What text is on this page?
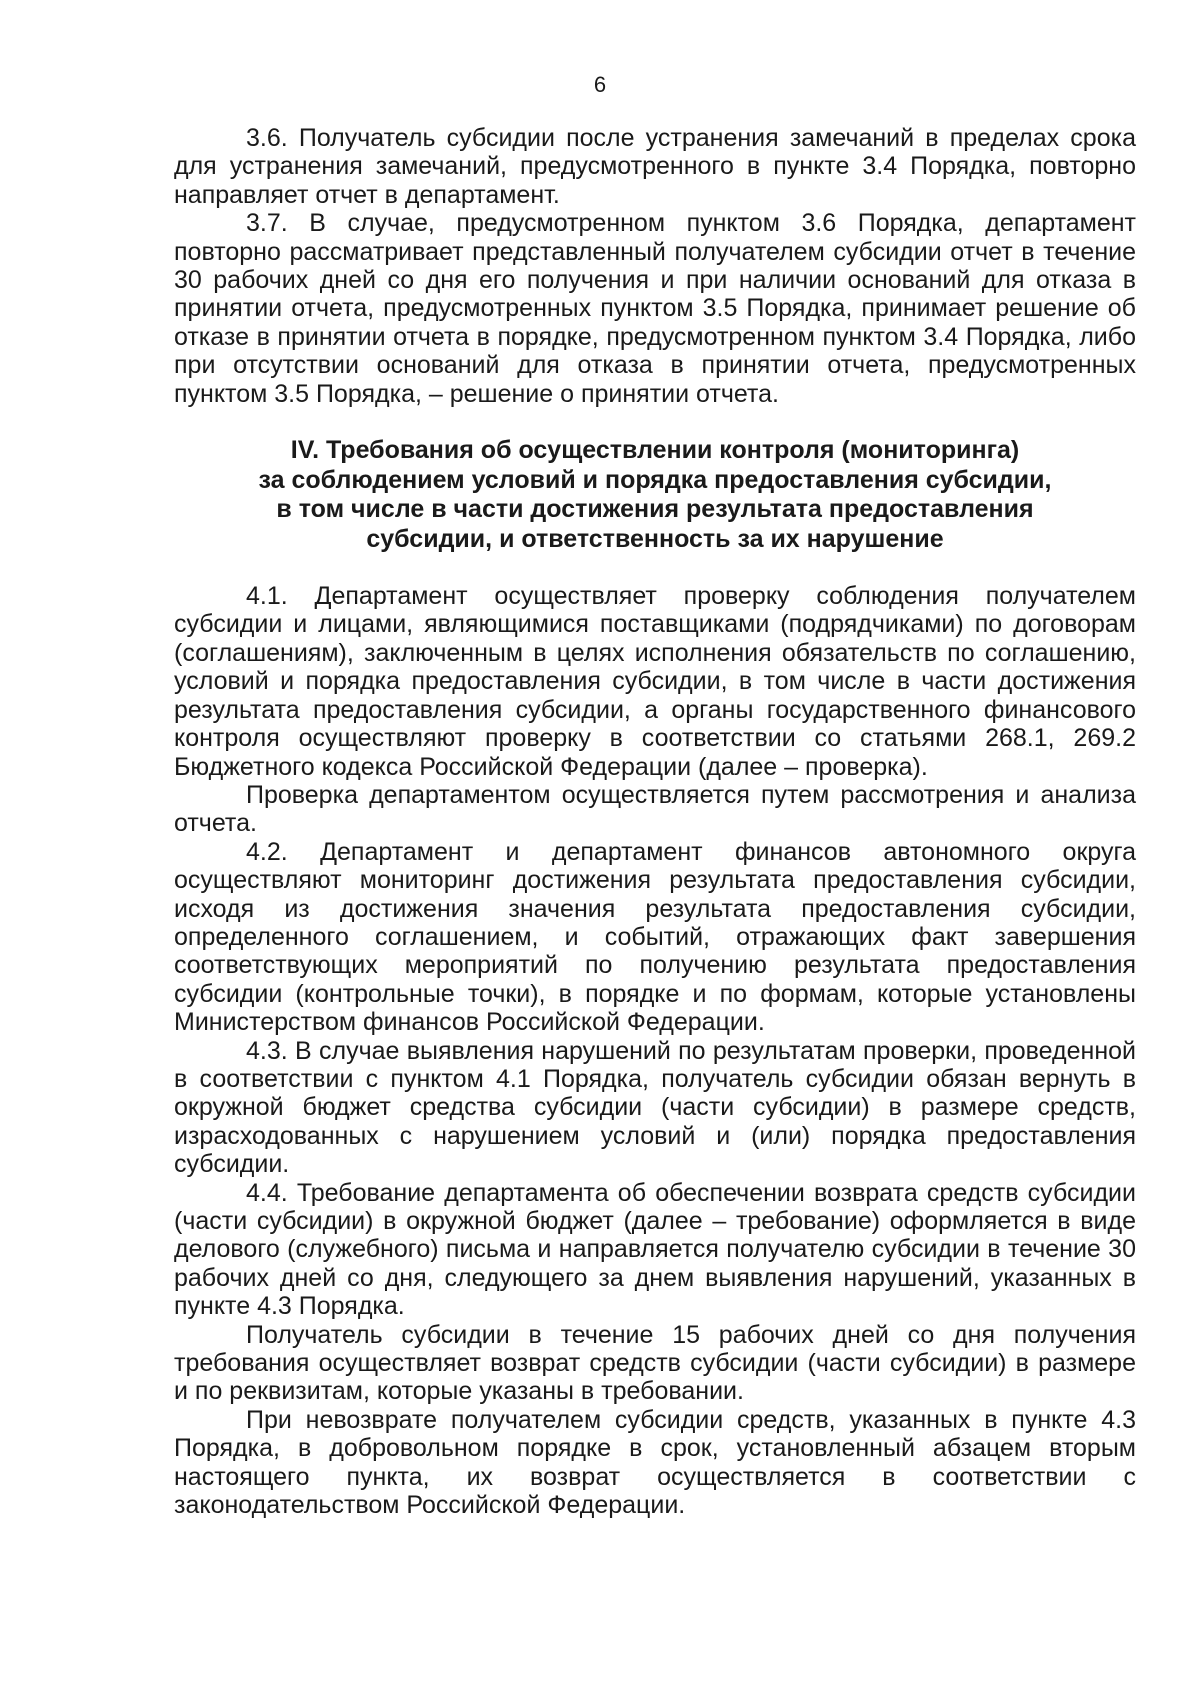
6

3.6. Получатель субсидии после устранения замечаний в пределах срока для устранения замечаний, предусмотренного в пункте 3.4 Порядка, повторно направляет отчет в департамент.

3.7. В случае, предусмотренном пунктом 3.6 Порядка, департамент повторно рассматривает представленный получателем субсидии отчет в течение 30 рабочих дней со дня его получения и при наличии оснований для отказа в принятии отчета, предусмотренных пунктом 3.5 Порядка, принимает решение об отказе в принятии отчета в порядке, предусмотренном пунктом 3.4 Порядка, либо при отсутствии оснований для отказа в принятии отчета, предусмотренных пунктом 3.5 Порядка, – решение о принятии отчета.

IV. Требования об осуществлении контроля (мониторинга)
за соблюдением условий и порядка предоставления субсидии,
в том числе в части достижения результата предоставления
субсидии, и ответственность за их нарушение

4.1. Департамент осуществляет проверку соблюдения получателем субсидии и лицами, являющимися поставщиками (подрядчиками) по договорам (соглашениям), заключенным в целях исполнения обязательств по соглашению, условий и порядка предоставления субсидии, в том числе в части достижения результата предоставления субсидии, а органы государственного финансового контроля осуществляют проверку в соответствии со статьями 268.1, 269.2 Бюджетного кодекса Российской Федерации (далее – проверка).

Проверка департаментом осуществляется путем рассмотрения и анализа отчета.

4.2. Департамент и департамент финансов автономного округа осуществляют мониторинг достижения результата предоставления субсидии, исходя из достижения значения результата предоставления субсидии, определенного соглашением, и событий, отражающих факт завершения соответствующих мероприятий по получению результата предоставления субсидии (контрольные точки), в порядке и по формам, которые установлены Министерством финансов Российской Федерации.

4.3. В случае выявления нарушений по результатам проверки, проведенной в соответствии с пунктом 4.1 Порядка, получатель субсидии обязан вернуть в окружной бюджет средства субсидии (части субсидии) в размере средств, израсходованных с нарушением условий и (или) порядка предоставления субсидии.

4.4. Требование департамента об обеспечении возврата средств субсидии (части субсидии) в окружной бюджет (далее – требование) оформляется в виде делового (служебного) письма и направляется получателю субсидии в течение 30 рабочих дней со дня, следующего за днем выявления нарушений, указанных в пункте 4.3 Порядка.

Получатель субсидии в течение 15 рабочих дней со дня получения требования осуществляет возврат средств субсидии (части субсидии) в размере и по реквизитам, которые указаны в требовании.

При невозврате получателем субсидии средств, указанных в пункте 4.3 Порядка, в добровольном порядке в срок, установленный абзацем вторым настоящего пункта, их возврат осуществляется в соответствии с законодательством Российской Федерации.
